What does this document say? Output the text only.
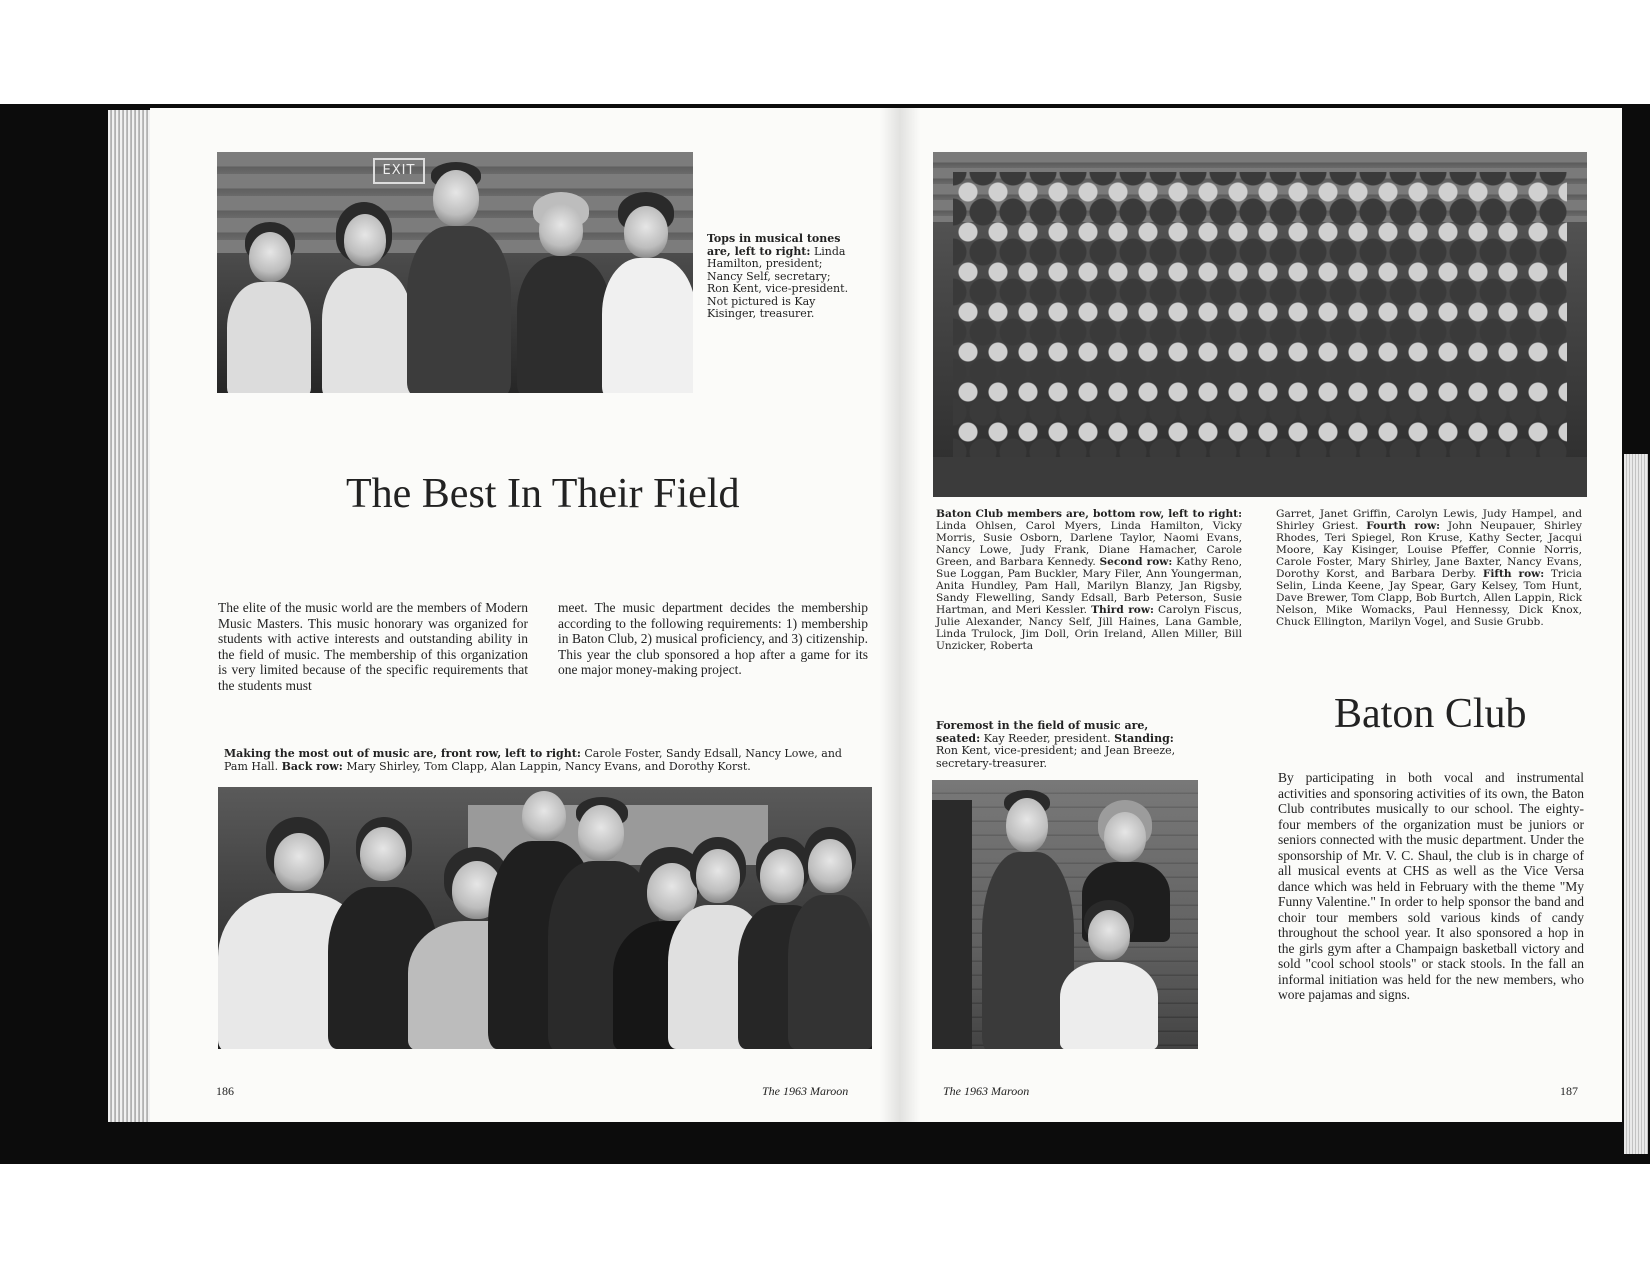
EXIT
Tops in musical tones are, left to right: Linda Hamilton, president; Nancy Self, secretary; Ron Kent, vice-president. Not pictured is Kay Kisinger, treasurer.
The Best In Their Field
The elite of the music world are the members of Modern Music Masters. This music honorary was organized for students with active interests and outstanding ability in the field of music. The membership of this organization is very limited because of the specific requirements that the students must
meet. The music department decides the membership according to the following requirements: 1) membership in Baton Club, 2) musical proficiency, and 3) citizenship. This year the club sponsored a hop after a game for its one major money-making project.
Making the most out of music are, front row, left to right: Carole Foster, Sandy Edsall, Nancy Lowe, and Pam Hall. Back row: Mary Shirley, Tom Clapp, Alan Lappin, Nancy Evans, and Dorothy Korst.
186	The 1963 Maroon
Baton Club members are, bottom row, left to right: Linda Ohlsen, Carol Myers, Linda Hamilton, Vicky Morris, Susie Osborn, Darlene Taylor, Naomi Evans, Nancy Lowe, Judy Frank, Diane Hamacher, Carole Green, and Barbara Kennedy. Second row: Kathy Reno, Sue Loggan, Pam Buckler, Mary Filer, Ann Youngerman, Anita Hundley, Pam Hall, Marilyn Blanzy, Jan Rigsby, Sandy Flewelling, Sandy Edsall, Barb Peterson, Susie Hartman, and Meri Kessler. Third row: Carolyn Fiscus, Julie Alexander, Nancy Self, Jill Haines, Lana Gamble, Linda Trulock, Jim Doll, Orin Ireland, Allen Miller, Bill Unzicker, Roberta
Garret, Janet Griffin, Carolyn Lewis, Judy Hampel, and Shirley Griest. Fourth row: John Neupauer, Shirley Rhodes, Teri Spiegel, Ron Kruse, Kathy Secter, Jacqui Moore, Kay Kisinger, Louise Pfeffer, Connie Norris, Carole Foster, Mary Shirley, Jane Baxter, Nancy Evans, Dorothy Korst, and Barbara Derby. Fifth row: Tricia Selin, Linda Keene, Jay Spear, Gary Kelsey, Tom Hunt, Dave Brewer, Tom Clapp, Bob Burtch, Allen Lappin, Rick Nelson, Mike Womacks, Paul Hennessy, Dick Knox, Chuck Ellington, Marilyn Vogel, and Susie Grubb.
Foremost in the field of music are, seated: Kay Reeder, president. Standing: Ron Kent, vice-president; and Jean Breeze, secretary-treasurer.
Baton Club
By participating in both vocal and instrumental activities and sponsoring activities of its own, the Baton Club contributes musically to our school. The eighty-four members of the organization must be juniors or seniors connected with the music department. Under the sponsorship of Mr. V. C. Shaul, the club is in charge of all musical events at CHS as well as the Vice Versa dance which was held in February with the theme "My Funny Valentine." In order to help sponsor the band and choir tour members sold various kinds of candy throughout the school year. It also sponsored a hop in the girls gym after a Champaign basketball victory and sold "cool school stools" or stack stools. In the fall an informal initiation was held for the new members, who wore pajamas and signs.
The 1963 Maroon	187
